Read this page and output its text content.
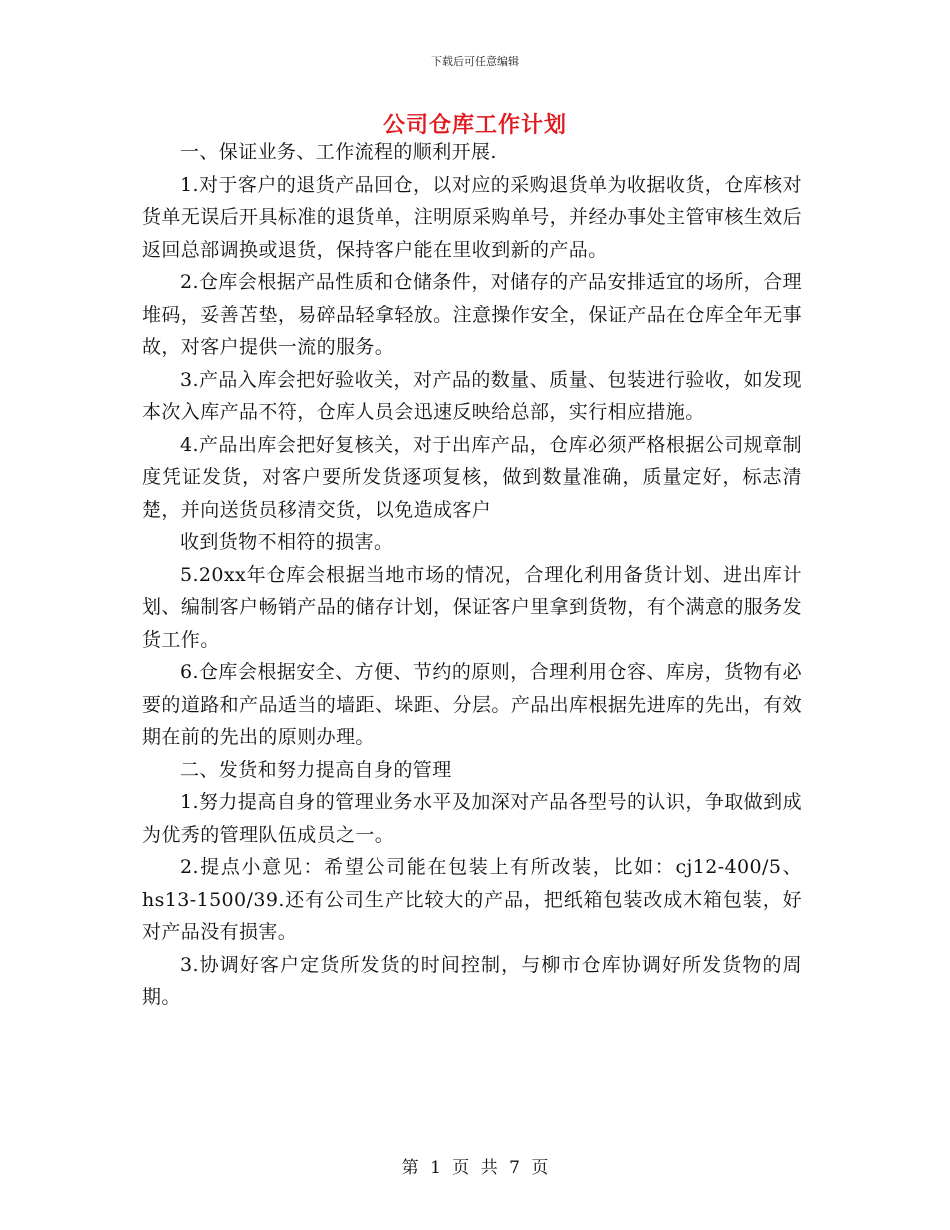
下载后可任意编辑
公司仓库工作计划

一、保证业务、工作流程的顺利开展.

1.对于客户的退货产品回仓，以对应的采购退货单为收据收货，仓库核对货单无误后开具标准的退货单，注明原采购单号，并经办事处主管审核生效后返回总部调换或退货，保持客户能在里收到新的产品。

2.仓库会根据产品性质和仓储条件，对储存的产品安排适宜的场所，合理堆码，妥善苫垫，易碎品轻拿轻放。注意操作安全，保证产品在仓库全年无事故，对客户提供一流的服务。

3.产品入库会把好验收关，对产品的数量、质量、包装进行验收，如发现本次入库产品不符，仓库人员会迅速反映给总部，实行相应措施。

4.产品出库会把好复核关，对于出库产品，仓库必须严格根据公司规章制度凭证发货，对客户要所发货逐项复核，做到数量准确，质量定好，标志清楚，并向送货员移清交货，以免造成客户

收到货物不相符的损害。

5.20xx年仓库会根据当地市场的情况，合理化利用备货计划、进出库计划、编制客户畅销产品的储存计划，保证客户里拿到货物，有个满意的服务发货工作。

6.仓库会根据安全、方便、节约的原则，合理利用仓容、库房，货物有必要的道路和产品适当的墙距、垛距、分层。产品出库根据先进库的先出，有效期在前的先出的原则办理。

二、发货和努力提高自身的管理

1.努力提高自身的管理业务水平及加深对产品各型号的认识，争取做到成为优秀的管理队伍成员之一。

2.提点小意见：希望公司能在包装上有所改装，比如：cj12-400/5、hs13-1500/39.还有公司生产比较大的产品，把纸箱包装改成木箱包装，好对产品没有损害。

3.协调好客户定货所发货的时间控制，与柳市仓库协调好所发货物的周期。

第 1 页 共 7 页
